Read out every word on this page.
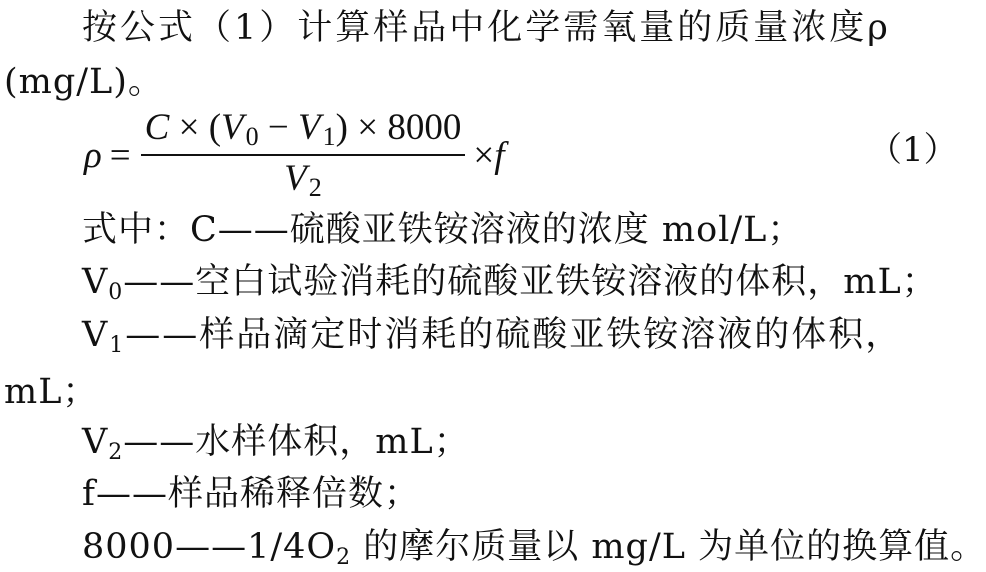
按公式（1）计算样品中化学需氧量的质量浓度ρ
(mg/L)。
$\rho = \frac{C \times (V0 - V1) \times 8000}{V2} \times f$	（1）
式中：C——硫酸亚铁铵溶液的浓度 mol/L；
$V_0——$空白试验消耗的硫酸亚铁铵溶液的体积，mL；
$V_1——$样品滴定时消耗的硫酸亚铁铵溶液的体积，
mL；
$V_2——$水样体积，mL；
f——样品稀释倍数；
$8000——1/4O_2$ 的摩尔质量以 mg/L 为单位的换算值。
